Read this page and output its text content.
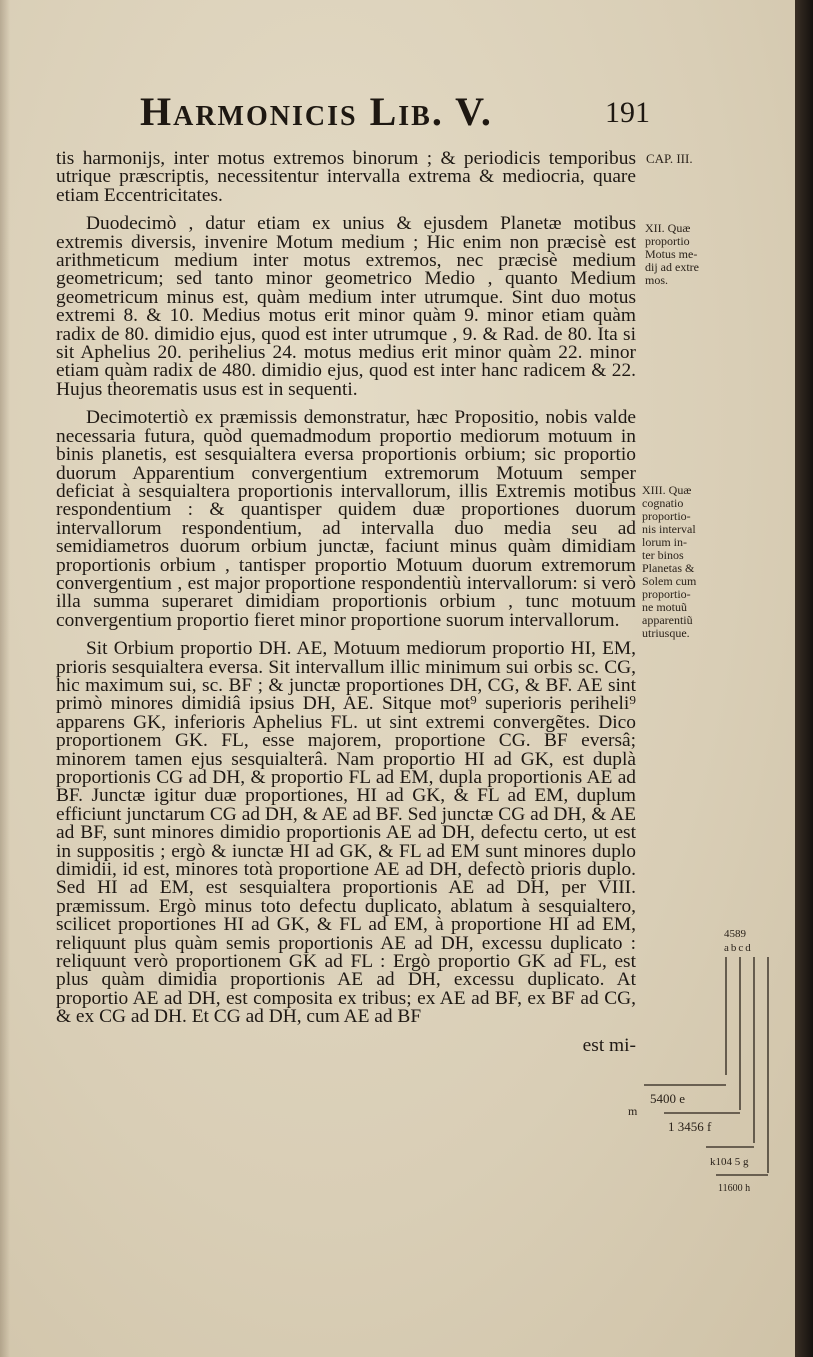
Harmonicis Lib. V.	191
CAP. III.
XII. Quæ
proportio
Motus me-
dij ad extre
mos.
XIII. Quæ
cognatio
proportio-
nis interval
lorum in-
ter binos
Planetas &
Solem cum
proportio-
ne motuũ
apparentiũ
utriusque.

tis harmonijs, inter motus extremos binorum ; & periodicis temporibus utrique præscriptis, necessitentur intervalla extrema & mediocria, quare etiam Eccentricitates.

Duodecimò , datur etiam ex unius & ejusdem Planetæ motibus extremis diversis, invenire Motum medium ; Hic enim non præcisè est arithmeticum medium inter motus extremos, nec præcisè medium geometricum; sed tanto minor geometrico Medio , quanto Medium geometricum minus est, quàm medium inter utrumque. Sint duo motus extremi 8. & 10. Medius motus erit minor quàm 9. minor etiam quàm radix de 80. dimidio ejus, quod est inter utrumque , 9. & Rad. de 80. Ita si sit Aphelius 20. perihelius 24. motus medius erit minor quàm 22. minor etiam quàm radix de 480. dimidio ejus, quod est inter hanc radicem & 22. Hujus theorematis usus est in sequenti.

Decimotertiò ex præmissis demonstratur, hæc Propositio, nobis valde necessaria futura, quòd quemadmodum proportio mediorum motuum in binis planetis, est sesquialtera eversa proportionis orbium; sic proportio duorum Apparentium convergentium extremorum Motuum semper deficiat à sesquialtera proportionis intervallorum, illis Extremis motibus respondentium : & quantisper quidem duæ proportiones duorum intervallorum respondentium, ad intervalla duo media seu ad semidiametros duorum orbium junctæ, faciunt minus quàm dimidiam proportionis orbium , tantisper proportio Motuum duorum extremorum convergentium , est major proportione respondentiù intervallorum: si verò illa summa superaret dimidiam proportionis orbium , tunc motuum convergentium proportio fieret minor proportione suorum intervallorum.

Sit Orbium proportio DH. AE, Motuum mediorum proportio HI, EM, prioris sesquialtera eversa. Sit intervallum illic minimum sui orbis sc. CG, hic maximum sui, sc. BF ; & junctæ proportiones DH, CG, & BF. AE sint primò minores dimidiâ ipsius DH, AE. Sitque mot⁹ superioris periheli⁹ apparens GK, inferioris Aphelius FL. ut sint extremi convergẽtes. Dico proportionem GK. FL, esse majorem, proportione CG. BF eversâ; minorem tamen ejus sesquialterâ. Nam proportio HI ad GK, est duplà proportionis CG ad DH, & proportio FL ad EM, dupla proportionis AE ad BF. Junctæ igitur duæ proportiones, HI ad GK, & FL ad EM, duplum efficiunt junctarum CG ad DH, & AE ad BF. Sed junctæ CG ad DH, & AE ad BF, sunt minores dimidio proportionis AE ad DH, defectu certo, ut est in suppositis ; ergò & iunctæ HI ad GK, & FL ad EM sunt minores duplo dimidii, id est, minores totà proportione AE ad DH, defectò prioris duplo. Sed HI ad EM, est sesquialtera proportionis AE ad DH, per VIII. præmissum. Ergò minus toto defectu duplicato, ablatum à sesquialtero, scilicet proportiones HI ad GK, & FL ad EM, à proportione HI ad EM, reliquunt plus quàm semis proportionis AE ad DH, excessu duplicato : reliquunt verò proportionem GK ad FL : Ergò proportio GK ad FL, est plus quàm dimidia proportionis AE ad DH, excessu duplicato. At proportio AE ad DH, est composita ex tribus; ex AE ad BF, ex BF ad CG, & ex CG ad DH. Et CG ad DH, cum AE ad BF

est mi-

4589
abcd
m
5400 e
1 3456 f
k104 5 g
11600 h
